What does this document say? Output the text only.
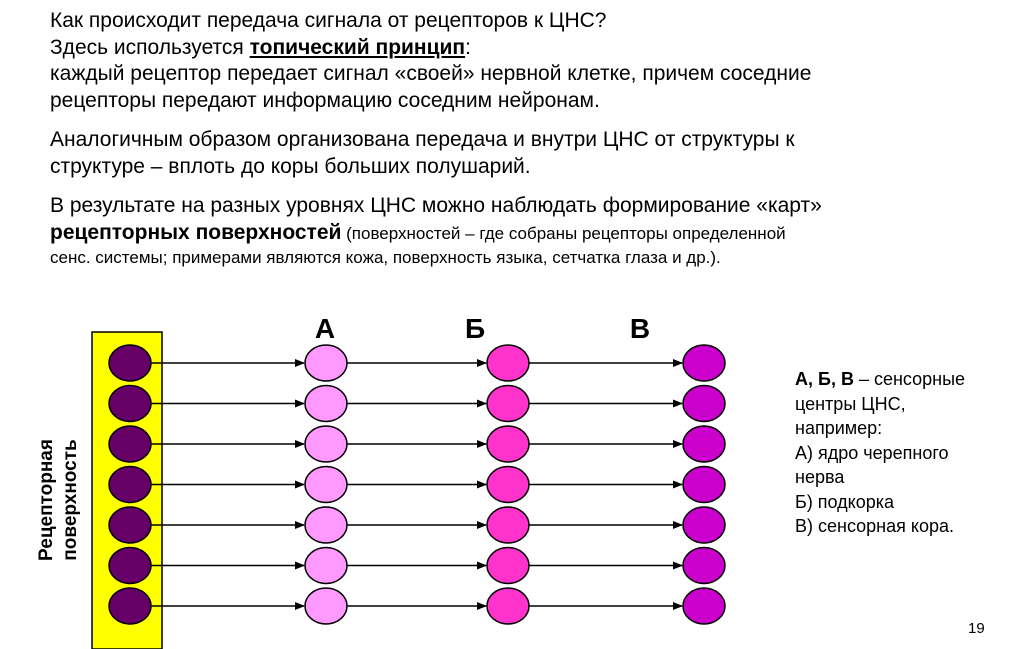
Как происходит передача сигнала от рецепторов к ЦНС?
Здесь используется топический принцип:
каждый рецептор передает сигнал «своей» нервной клетке, причем соседние
рецепторы передают информацию соседним нейронам.
Аналогичным образом организована передача и внутри ЦНС от структуры к
структуре – вплоть до коры больших полушарий.
В результате на разных уровнях ЦНС можно наблюдать формирование «карт»
рецепторных поверхностей (поверхностей – где собраны рецепторы определенной
сенс. системы; примерами являются кожа, поверхность языка, сетчатка глаза и др.).
Рецепторная поверхность
А	Б	В
А, Б, В – сенсорные
центры ЦНС,
например:
А) ядро черепного
нерва
Б) подкорка
В) сенсорная кора.
19
